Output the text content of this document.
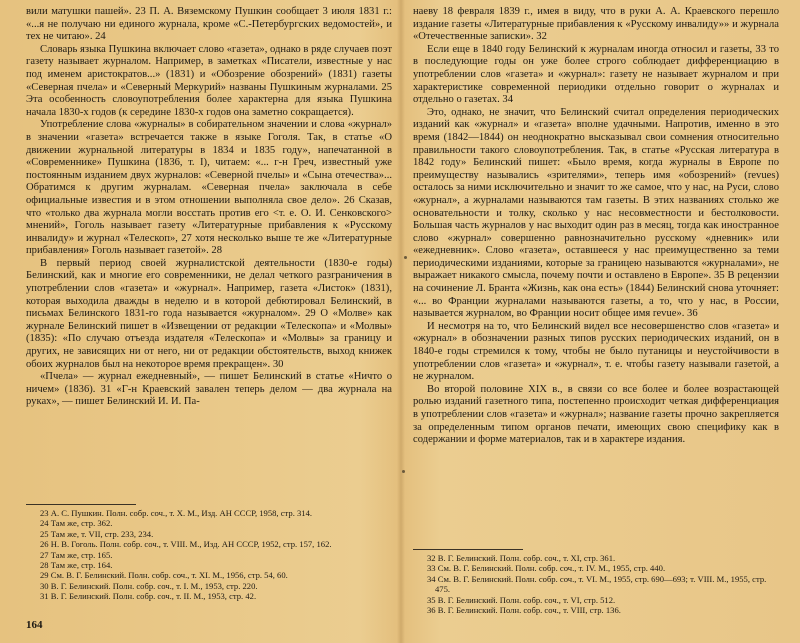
вили матушки пашей». 23 П. А. Вяземскому Пушкин сообщает 3 июля 1831 г.: «...я не получаю ни единого журнала, кроме «С.-Петербургских ведомостей», и тех не читаю». 24

Словарь языка Пушкина включает слово «газета», однако в ряде случаев поэт газету называет журналом. Например, в заметках «Писатели, известные у нас под именем аристократов...» (1831) и «Обозрение обозрений» (1831) газеты «Северная пчела» и «Северный Меркурий» названы Пушкиным журналами. 25 Эта особенность словоупотребления более характерна для языка Пушкина начала 1830-х годов (к середине 1830-х годов она заметно сокращается).

Употребление слова «журналы» в собирательном значении и слова «журнал» в значении «газета» встречается также в языке Гоголя. Так, в статье «О движении журнальной литературы в 1834 и 1835 году», напечатанной в «Современнике» Пушкина (1836, т. I), читаем: «... г-н Греч, известный уже постоянным изданием двух журналов: «Северной пчелы» и «Сына отечества»... Обратимся к другим журналам. «Северная пчела» заключала в себе официальные известия и в этом отношении выполняла свое дело». 26 Сказав, что «только два журнала могли восстать против его <т. е. О. И. Сенковского> мнений», Гоголь называет газету «Литературные прибавления к «Русскому инвалиду» и журнал «Телескоп», 27 хотя несколько выше те же «Литературные прибавления» Гоголь называет газетой». 28

В первый период своей журналистской деятельности (1830-е годы) Белинский, как и многие его современники, не делал четкого разграничения в употреблении слов «газета» и «журнал». Например, газета «Листок» (1831), которая выходила дважды в неделю и в которой дебютировал Белинский, в письмах Белинского 1831-го года называется «журналом». 29 О «Молве» как журнале Белинский пишет в «Извещении от редакции «Телескопа» и «Молвы» (1835): «По случаю отъезда издателя «Телескопа» и «Молвы» за границу и других, не зависящих ни от него, ни от редакции обстоятельств, выход книжек обоих журналов был на некоторое время прекращен». 30

«Пчела» — журнал ежедневный», — пишет Белинский в статье «Ничто о ничем» (1836). 31 «Г-н Краевский завален теперь делом — два журнала на руках», — пишет Белинский И. И. Па-

наеву 18 февраля 1839 г., имея в виду, что в руки А. А. Краевского перешло издание газеты «Литературные прибавления к «Русскому инвалиду»» и журнала «Отечественные записки». 32

Если еще в 1840 году Белинский к журналам иногда относил и газеты, 33 то в последующие годы он уже более строго соблюдает дифференциацию в употреблении слов «газета» и «журнал»: газету не называет журналом и при характеристике современной периодики отдельно говорит о журналах и отдельно о газетах. 34

Это, однако, не значит, что Белинский считал определения периодических изданий как «журнал» и «газета» вполне удачными. Напротив, именно в это время (1842—1844) он неоднократно высказывал свои сомнения относительно правильности такого словоупотребления. Так, в статье «Русская литература в 1842 году» Белинский пишет: «Было время, когда журналы в Европе по преимуществу назывались «зрителями», теперь имя «обозрений» (revues) осталось за ними исключительно и значит то же самое, что у нас, на Руси, слово «журнал», а журналами называются там газеты. В этих названиях столько же основательности и толку, сколько у нас несовместности и бестолковости. Большая часть журналов у нас выходит один раз в месяц, тогда как иностранное слово «журнал» совершенно равнозначительно русскому «дневник» или «ежедневник». Слово «газета», оставшееся у нас преимущественно за теми периодическими изданиями, которые за границею называются «журналами», не выражает никакого смысла, почему почти и оставлено в Европе». 35 В рецензии на сочинение Л. Бранта «Жизнь, как она есть» (1844) Белинский снова уточняет: «... во Франции журналами называются газеты, а то, что у нас, в России, называется журналом, во Франции носит общее имя revue». 36

И несмотря на то, что Белинский видел все несовершенство слов «газета» и «журнал» в обозначении разных типов русских периодических изданий, он в 1840-е годы стремился к тому, чтобы не было путаницы и неустойчивости в употреблении слов «газета» и «журнал», т. е. чтобы газету называли газетой, а не журналом.

Во второй половине XIX в., в связи со все более и более возрастающей ролью изданий газетного типа, постепенно происходит четкая дифференциация в употреблении слов «газета» и «журнал»; название газеты прочно закрепляется за определенным типом органов печати, имеющих свою специфику как в содержании и форме материалов, так и в характере издания.

23 А. С. Пушкин. Полн. собр. соч., т. Х. М., Изд. АН СССР, 1958, стр. 314.

24 Там же, стр. 362.

25 Там же, т. VII, стр. 233, 234.

26 Н. В. Гоголь. Полн. собр. соч., т. VIII. М., Изд. АН СССР, 1952, стр. 157, 162.

27 Там же, стр. 165.

28 Там же, стр. 164.

29 См. В. Г. Белинский. Полн. собр. соч., т. XI. М., 1956, стр. 54, 60.

30 В. Г. Белинский. Полн. собр. соч., т. I. М., 1953, стр. 220.

31 В. Г. Белинский. Полн. собр. соч., т. II. М., 1953, стр. 42.

32 В. Г. Белинский. Полн. собр. соч., т. XI, стр. 361.

33 См. В. Г. Белинский. Полн. собр. соч., т. IV. М., 1955, стр. 440.

34 См. В. Г. Белинский. Полн. собр. соч., т. VI. М., 1955, стр. 690—693; т. VIII. М., 1955, стр. 475.

35 В. Г. Белинский. Полн. собр. соч., т. VI, стр. 512.

36 В. Г. Белинский. Полн. собр. соч., т. VIII, стр. 136.

164
